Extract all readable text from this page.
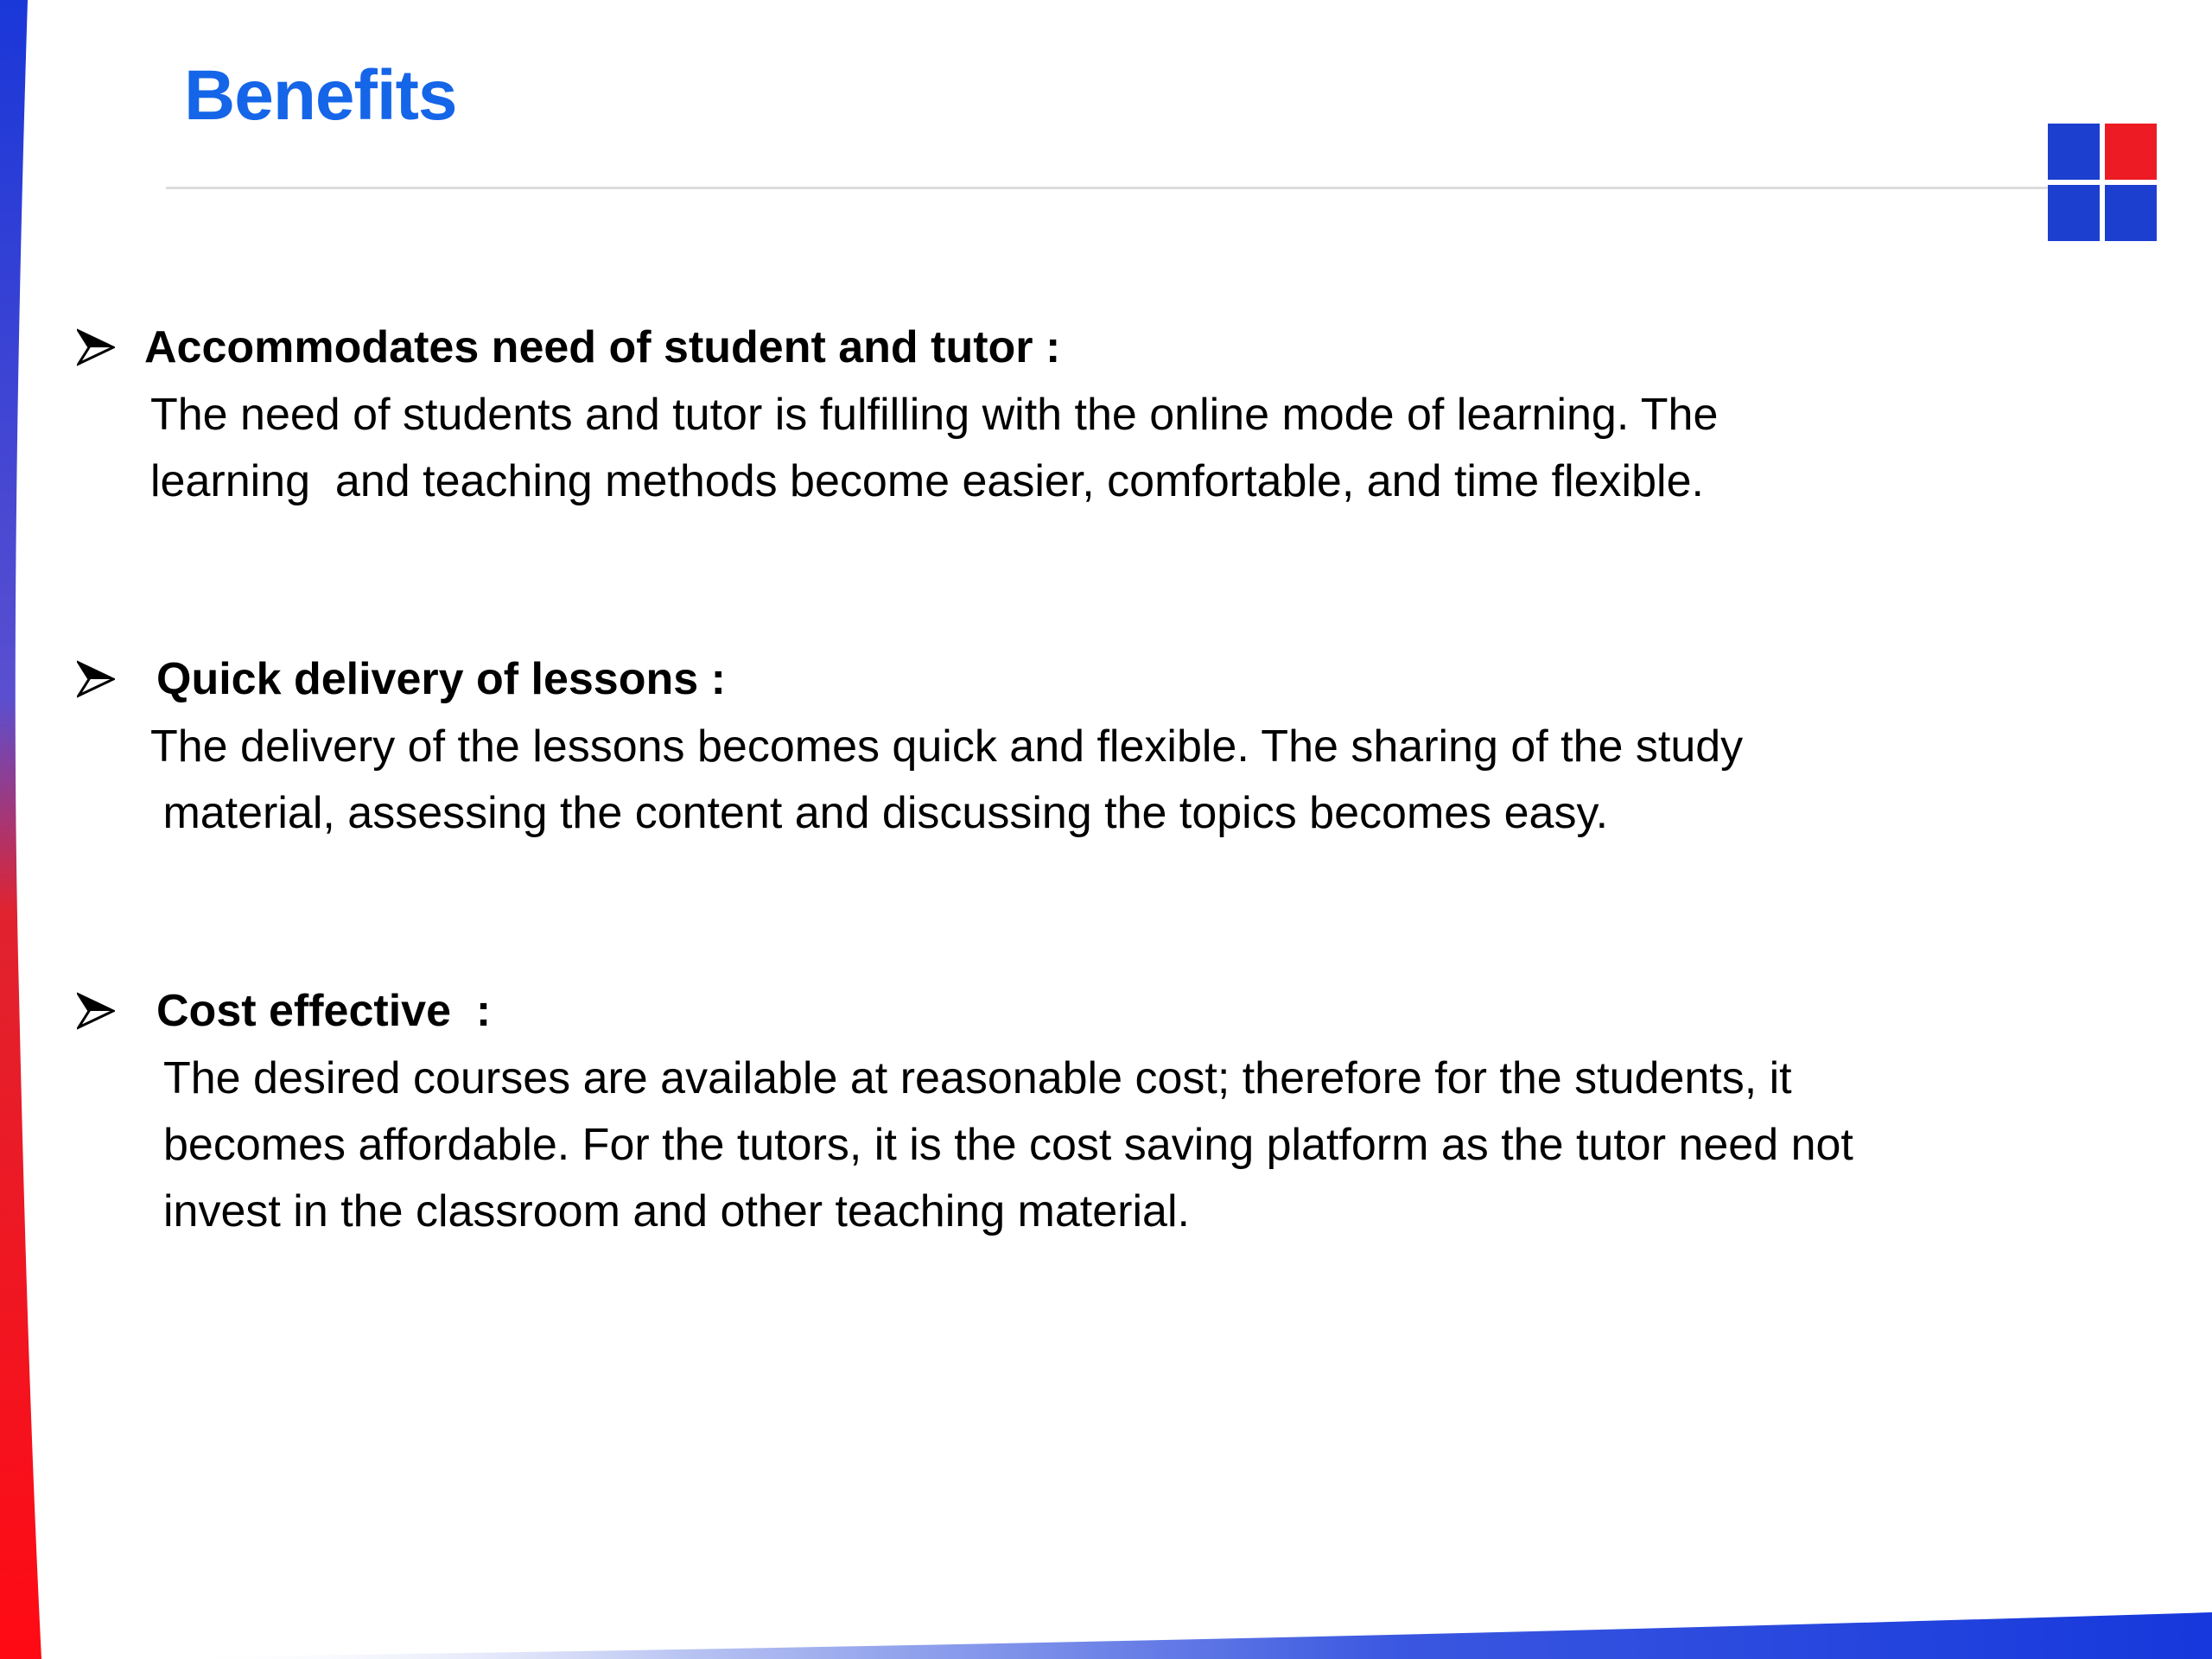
Benefits
Accommodates need of student and tutor :

The need of students and tutor is fulfilling with the online mode of learning. The

learning  and teaching methods become easier, comfortable, and time flexible.

Quick delivery of lessons :

The delivery of the lessons becomes quick and flexible. The sharing of the study

material, assessing the content and discussing the topics becomes easy.

Cost effective  :

The desired courses are available at reasonable cost; therefore for the students, it

becomes affordable. For the tutors, it is the cost saving platform as the tutor need not

invest in the classroom and other teaching material.
